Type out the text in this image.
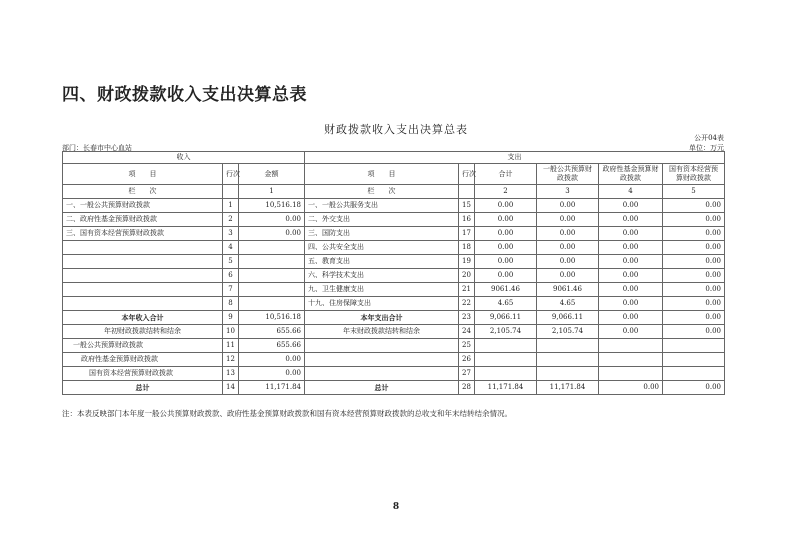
四、财政拨款收入支出决算总表
财政拨款收入支出决算总表
公开04表
部门：长春市中心血站	单位：万元
收入			支出					
项　　目	行次	金额	项　　目	行次	合计	一般公共预算财政拨款	政府性基金预算财政拨款	国有资本经营预算财政拨款
栏　　次		1	栏　　次		2	3	4	5
一、一般公共预算财政拨款	1	10,516.18	一、一般公共服务支出	15	0.00	0.00	0.00	0.00
二、政府性基金预算财政拨款	2	0.00	二、外交支出	16	0.00	0.00	0.00	0.00
三、国有资本经营预算财政拨款	3	0.00	三、国防支出	17	0.00	0.00	0.00	0.00
	4		四、公共安全支出	18	0.00	0.00	0.00	0.00
	5		五、教育支出	19	0.00	0.00	0.00	0.00
	6		六、科学技术支出	20	0.00	0.00	0.00	0.00
	7		九、卫生健康支出	21	9061.46	9061.46	0.00	0.00
	8		十九、住房保障支出	22	4.65	4.65	0.00	0.00
本年收入合计	9	10,516.18	本年支出合计	23	9,066.11	9,066.11	0.00	0.00
年初财政拨款结转和结余	10	655.66	年末财政拨款结转和结余	24	2,105.74	2,105.74	0.00	0.00
一般公共预算财政拨款	11	655.66		25				
政府性基金预算财政拨款	12	0.00		26				
国有资本经营预算财政拨款	13	0.00		27				
总计	14	11,171.84	总计	28	11,171.84	11,171.84	0.00	0.00
注：本表反映部门本年度一般公共预算财政拨款、政府性基金预算财政拨款和国有资本经营预算财政拨款的总收支和年末结转结余情况。
8
